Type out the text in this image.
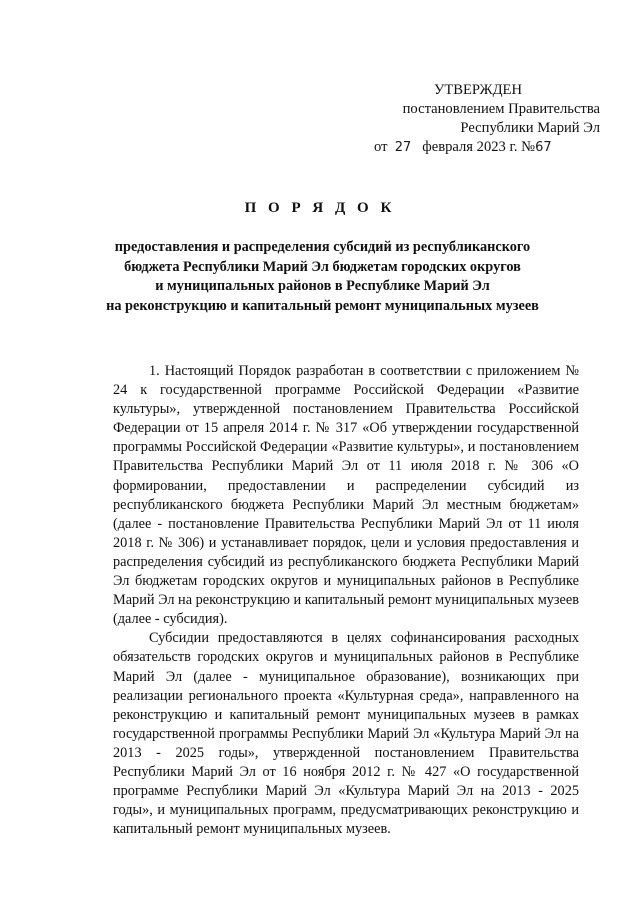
УТВЕРЖДЕН
постановлением Правительства
Республики Марий Эл
от 27 февраля 2023 г. №67
П О Р Я Д О К
предоставления и распределения субсидий из республиканского
бюджета Республики Марий Эл бюджетам городских округов
и муниципальных районов в Республике Марий Эл
на реконструкцию и капитальный ремонт муниципальных музеев

1. Настоящий Порядок разработан в соответствии с приложением № 24 к государственной программе Российской Федерации «Развитие культуры», утвержденной постановлением Правительства Российской Федерации от 15 апреля 2014 г. № 317 «Об утверждении государственной программы Российской Федерации «Развитие культуры», и постановлением Правительства Республики Марий Эл от 11 июля 2018 г. № 306 «О формировании, предоставлении и распределении субсидий из республиканского бюджета Республики Марий Эл местным бюджетам» (далее - постановление Правительства Республики Марий Эл от 11 июля 2018 г. № 306) и устанавливает порядок, цели и условия предоставления и распределения субсидий из республиканского бюджета Республики Марий Эл бюджетам городских округов и муниципальных районов в Республике Марий Эл на реконструкцию и капитальный ремонт муниципальных музеев (далее - субсидия).

Субсидии предоставляются в целях софинансирования расходных обязательств городских округов и муниципальных районов в Республике Марий Эл (далее - муниципальное образование), возникающих при реализации регионального проекта «Культурная среда», направленного на реконструкцию и капитальный ремонт муниципальных музеев в рамках государственной программы Республики Марий Эл «Культура Марий Эл на 2013 - 2025 годы», утвержденной постановлением Правительства Республики Марий Эл от 16 ноября 2012 г. № 427 «О государственной программе Республики Марий Эл «Культура Марий Эл на 2013 - 2025 годы», и муниципальных программ, предусматривающих реконструкцию и капитальный ремонт муниципальных музеев.
